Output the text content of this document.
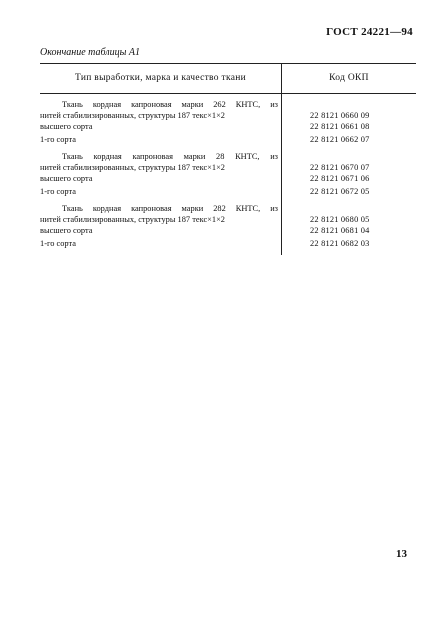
ГОСТ 24221—94
Окончание таблицы А1
Тип выработки, марка и качество ткани	Код ОКП
Ткань кордная капроновая марки 262 КНТС, из
нитей стабилизированных, структуры 187 текс×1×2	22 8121 0660 09
высшего сорта	22 8121 0661 08
1-го сорта	22 8121 0662 07
Ткань кордная капроновая марки 28 КНТС, из
нитей стабилизированных, структуры 187 текс×1×2	22 8121 0670 07
высшего сорта	22 8121 0671 06
1-го сорта	22 8121 0672 05
Ткань кордная капроновая марки 282 КНТС, из
нитей стабилизированных, структуры 187 текс×1×2	22 8121 0680 05
высшего сорта	22 8121 0681 04
1-го сорта	22 8121 0682 03
13
